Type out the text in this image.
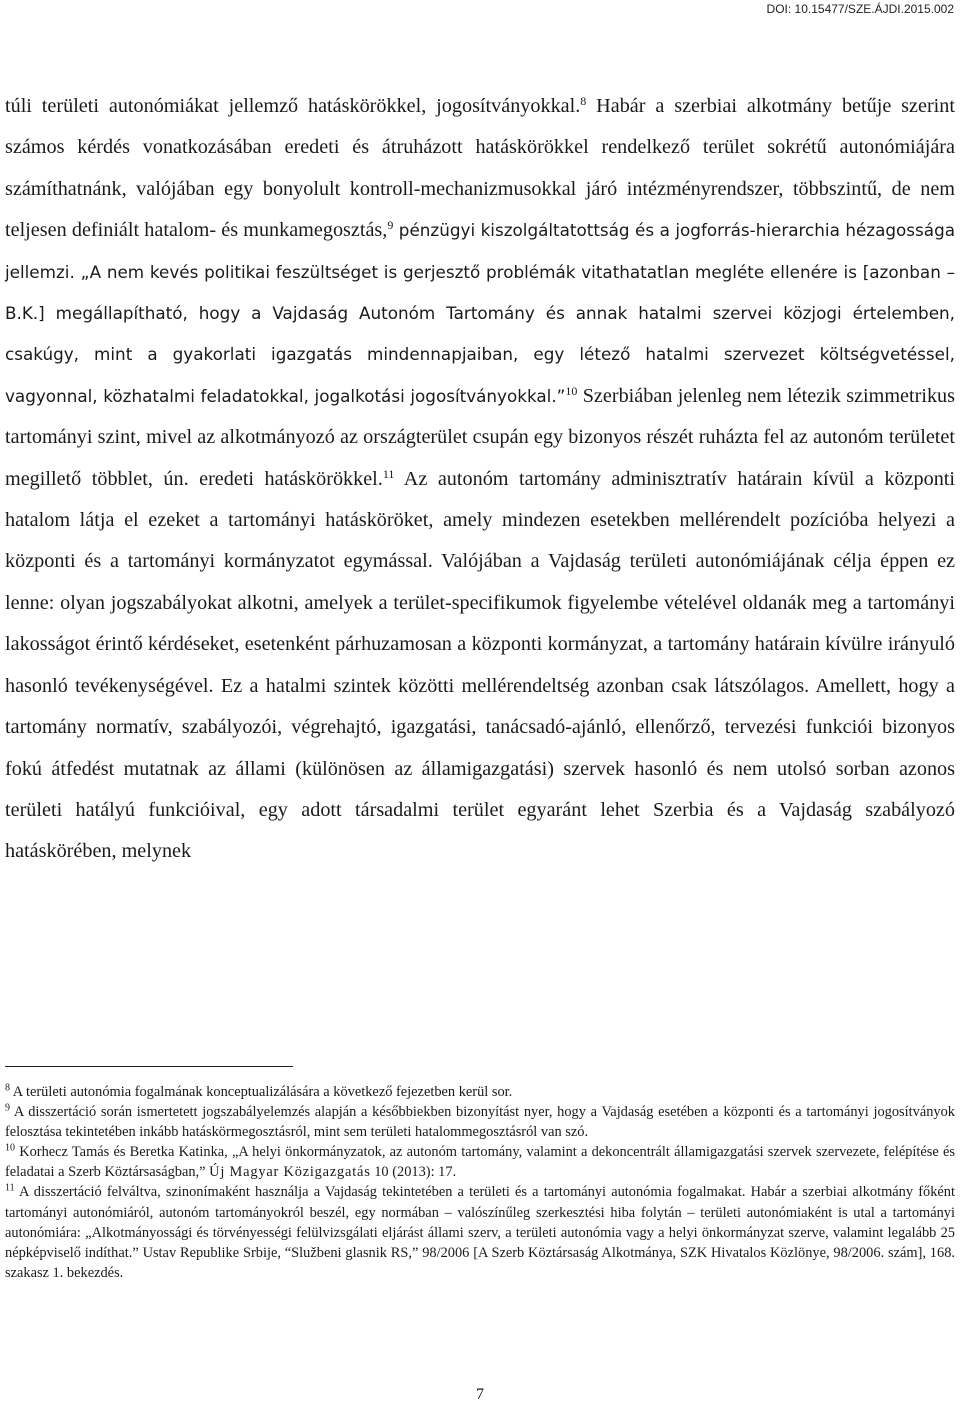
DOI: 10.15477/SZE.ÁJDI.2015.002

túli területi autonómiákat jellemző hatáskörökkel, jogosítványokkal.$^8$ Habár a szerbiai alkotmány betűje szerint számos kérdés vonatkozásában eredeti és átruházott hatáskörökkel rendelkező terület sokrétű autonómiájára számíthatnánk, valójában egy bonyolult kontroll-mechanizmusokkal járó intézményrendszer, többszintű, de nem teljesen definiált hatalom- és munkamegosztás,$^9$ pénzügyi kiszolgáltatottság és a jogforrás-hierarchia hézagossága jellemzi. „A nem kevés politikai feszültséget is gerjesztő problémák vitathatatlan megléte ellenére is [azonban – B.K.] megállapítható, hogy a Vajdaság Autonóm Tartomány és annak hatalmi szervei közjogi értelemben, csakúgy, mint a gyakorlati igazgatás mindennapjaiban, egy létező hatalmi szervezet költségvetéssel, vagyonnal, közhatalmi feladatokkal, jogalkotási jogosítványokkal.”$^{10}$ Szerbiában jelenleg nem létezik szimmetrikus tartományi szint, mivel az alkotmányozó az országterület csupán egy bizonyos részét ruházta fel az autonóm területet megillető többlet, ún. eredeti hatáskörökkel.$^{11}$ Az autonóm tartomány adminisztratív határain kívül a központi hatalom látja el ezeket a tartományi hatásköröket, amely mindezen esetekben mellérendelt pozícióba helyezi a központi és a tartományi kormányzatot egymással. Valójában a Vajdaság területi autonómiájának célja éppen ez lenne: olyan jogszabályokat alkotni, amelyek a terület-specifikumok figyelembe vételével oldanák meg a tartományi lakosságot érintő kérdéseket, esetenként párhuzamosan a központi kormányzat, a tartomány határain kívülre irányuló hasonló tevékenységével. Ez a hatalmi szintek közötti mellérendeltség azonban csak látszólagos. Amellett, hogy a tartomány normatív, szabályozói, végrehajtó, igazgatási, tanácsadó-ajánló, ellenőrző, tervezési funkciói bizonyos fokú átfedést mutatnak az állami (különösen az államigazgatási) szervek hasonló és nem utolsó sorban azonos területi hatályú funkcióival, egy adott társadalmi terület egyaránt lehet Szerbia és a Vajdaság szabályozó hatáskörében, melynek

$^8$ A területi autonómia fogalmának konceptualizálására a következő fejezetben kerül sor.

$^9$ A disszertáció során ismertetett jogszabályelemzés alapján a későbbiekben bizonyítást nyer, hogy a Vajdaság esetében a központi és a tartományi jogosítványok felosztása tekintetében inkább hatáskörmegosztásról, mint sem területi hatalommegosztásról van szó.

$^{10}$ Korhecz Tamás és Beretka Katinka, „A helyi önkormányzatok, az autonóm tartomány, valamint a dekoncentrált államigazgatási szervek szervezete, felépítése és feladatai a Szerb Köztársaságban,” Új Magyar Közigazgatás 10 (2013): 17.

$^{11}$ A disszertáció felváltva, szinonímaként használja a Vajdaság tekintetében a területi és a tartományi autonómia fogalmakat. Habár a szerbiai alkotmány főként tartományi autonómiáról, autonóm tartományokról beszél, egy normában – valószínűleg szerkesztési hiba folytán – területi autonómiaként is utal a tartományi autonómiára: „Alkotmányossági és törvényességi felülvizsgálati eljárást állami szerv, a területi autonómia vagy a helyi önkormányzat szerve, valamint legalább 25 népképviselő indíthat.” Ustav Republike Srbije, “Službeni glasnik RS,” 98/2006 [A Szerb Köztársaság Alkotmánya, SZK Hivatalos Közlönye, 98/2006. szám], 168. szakasz 1. bekezdés.

7
